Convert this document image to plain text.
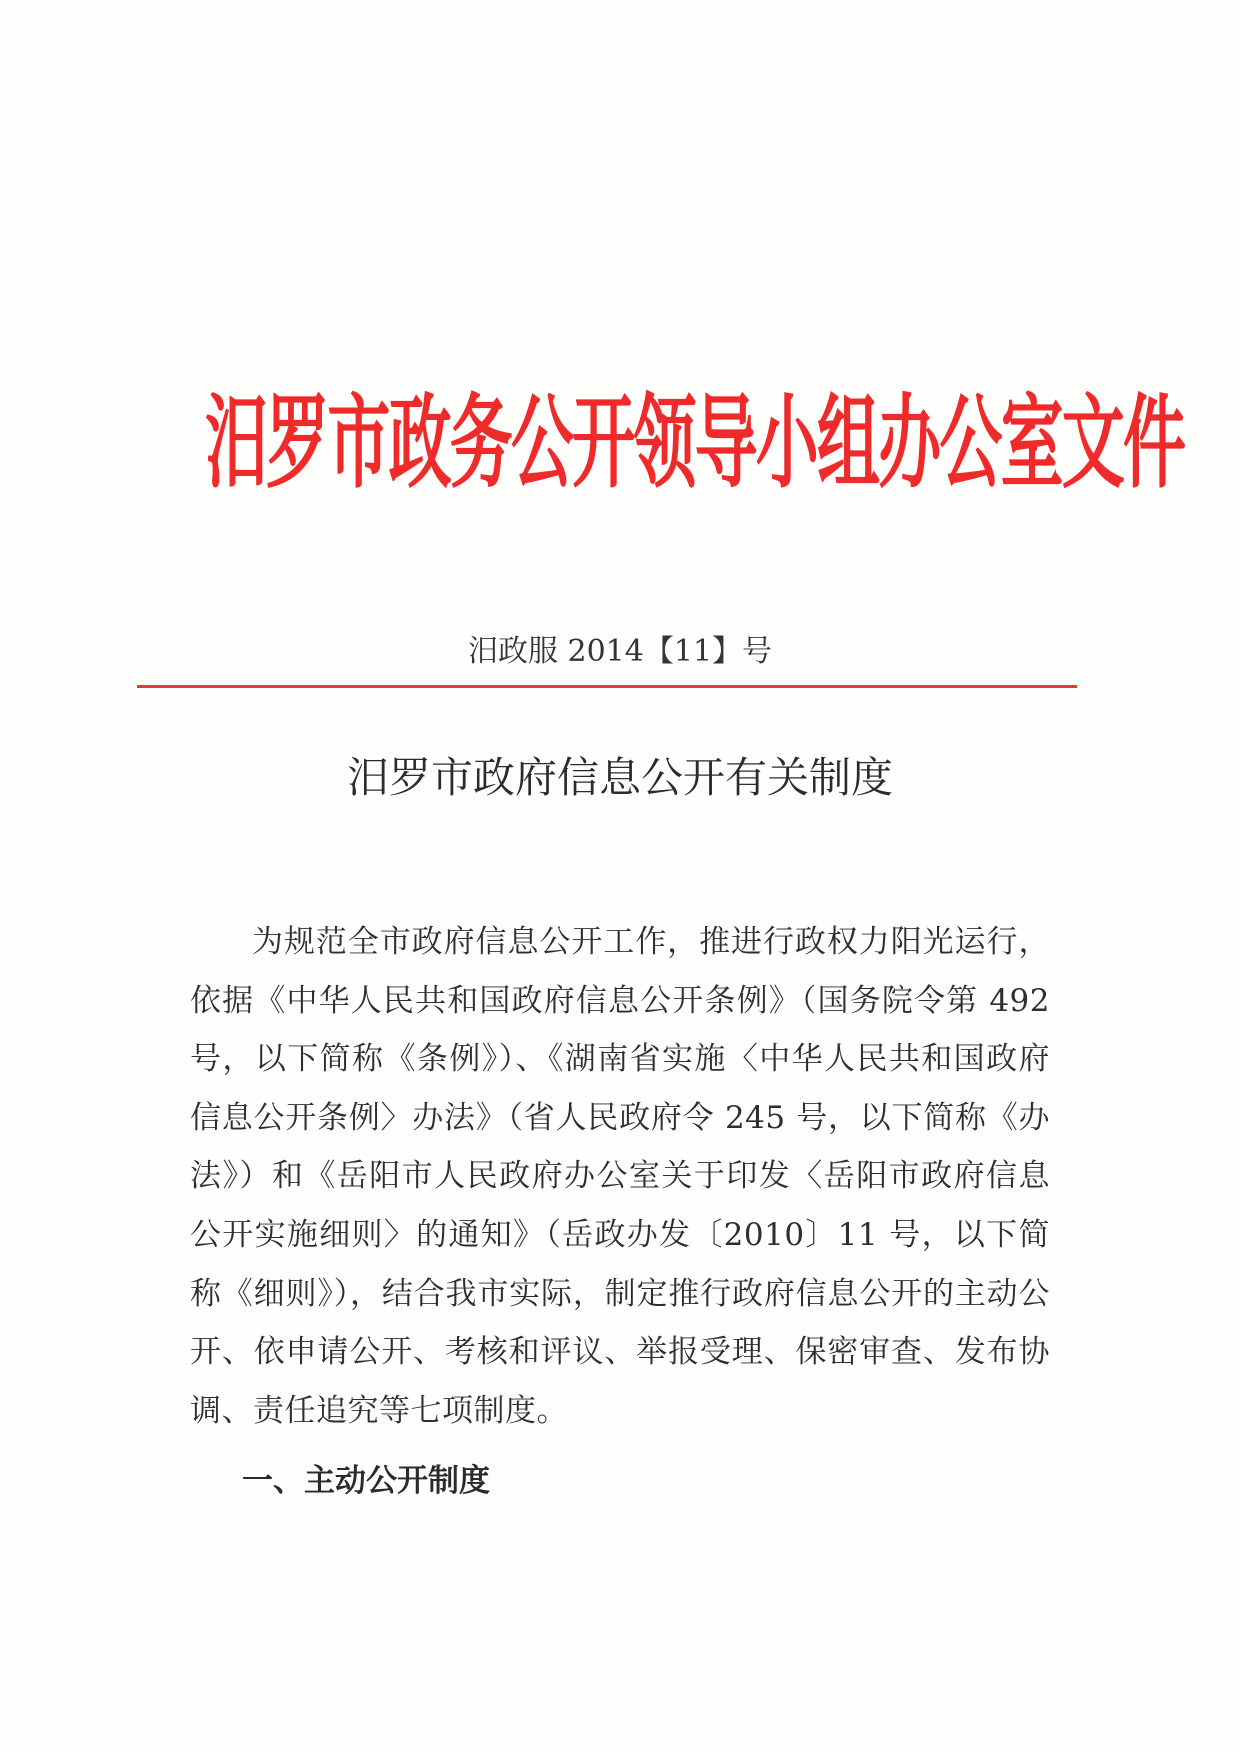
汨罗市政务公开领导小组办公室文件
汨政服 2014【11】号
汨罗市政府信息公开有关制度

为规范全市政府信息公开工作，推进行政权力阳光运行，依据《中华人民共和国政府信息公开条例》（国务院令第 492 号，以下简称《条例》）、《湖南省实施〈中华人民共和国政府信息公开条例〉办法》（省人民政府令 245 号，以下简称《办法》）和《岳阳市人民政府办公室关于印发〈岳阳市政府信息公开实施细则〉的通知》（岳政办发〔2010〕11 号，以下简称《细则》），结合我市实际，制定推行政府信息公开的主动公开、依申请公开、考核和评议、举报受理、保密审查、发布协调、责任追究等七项制度。

一、主动公开制度
